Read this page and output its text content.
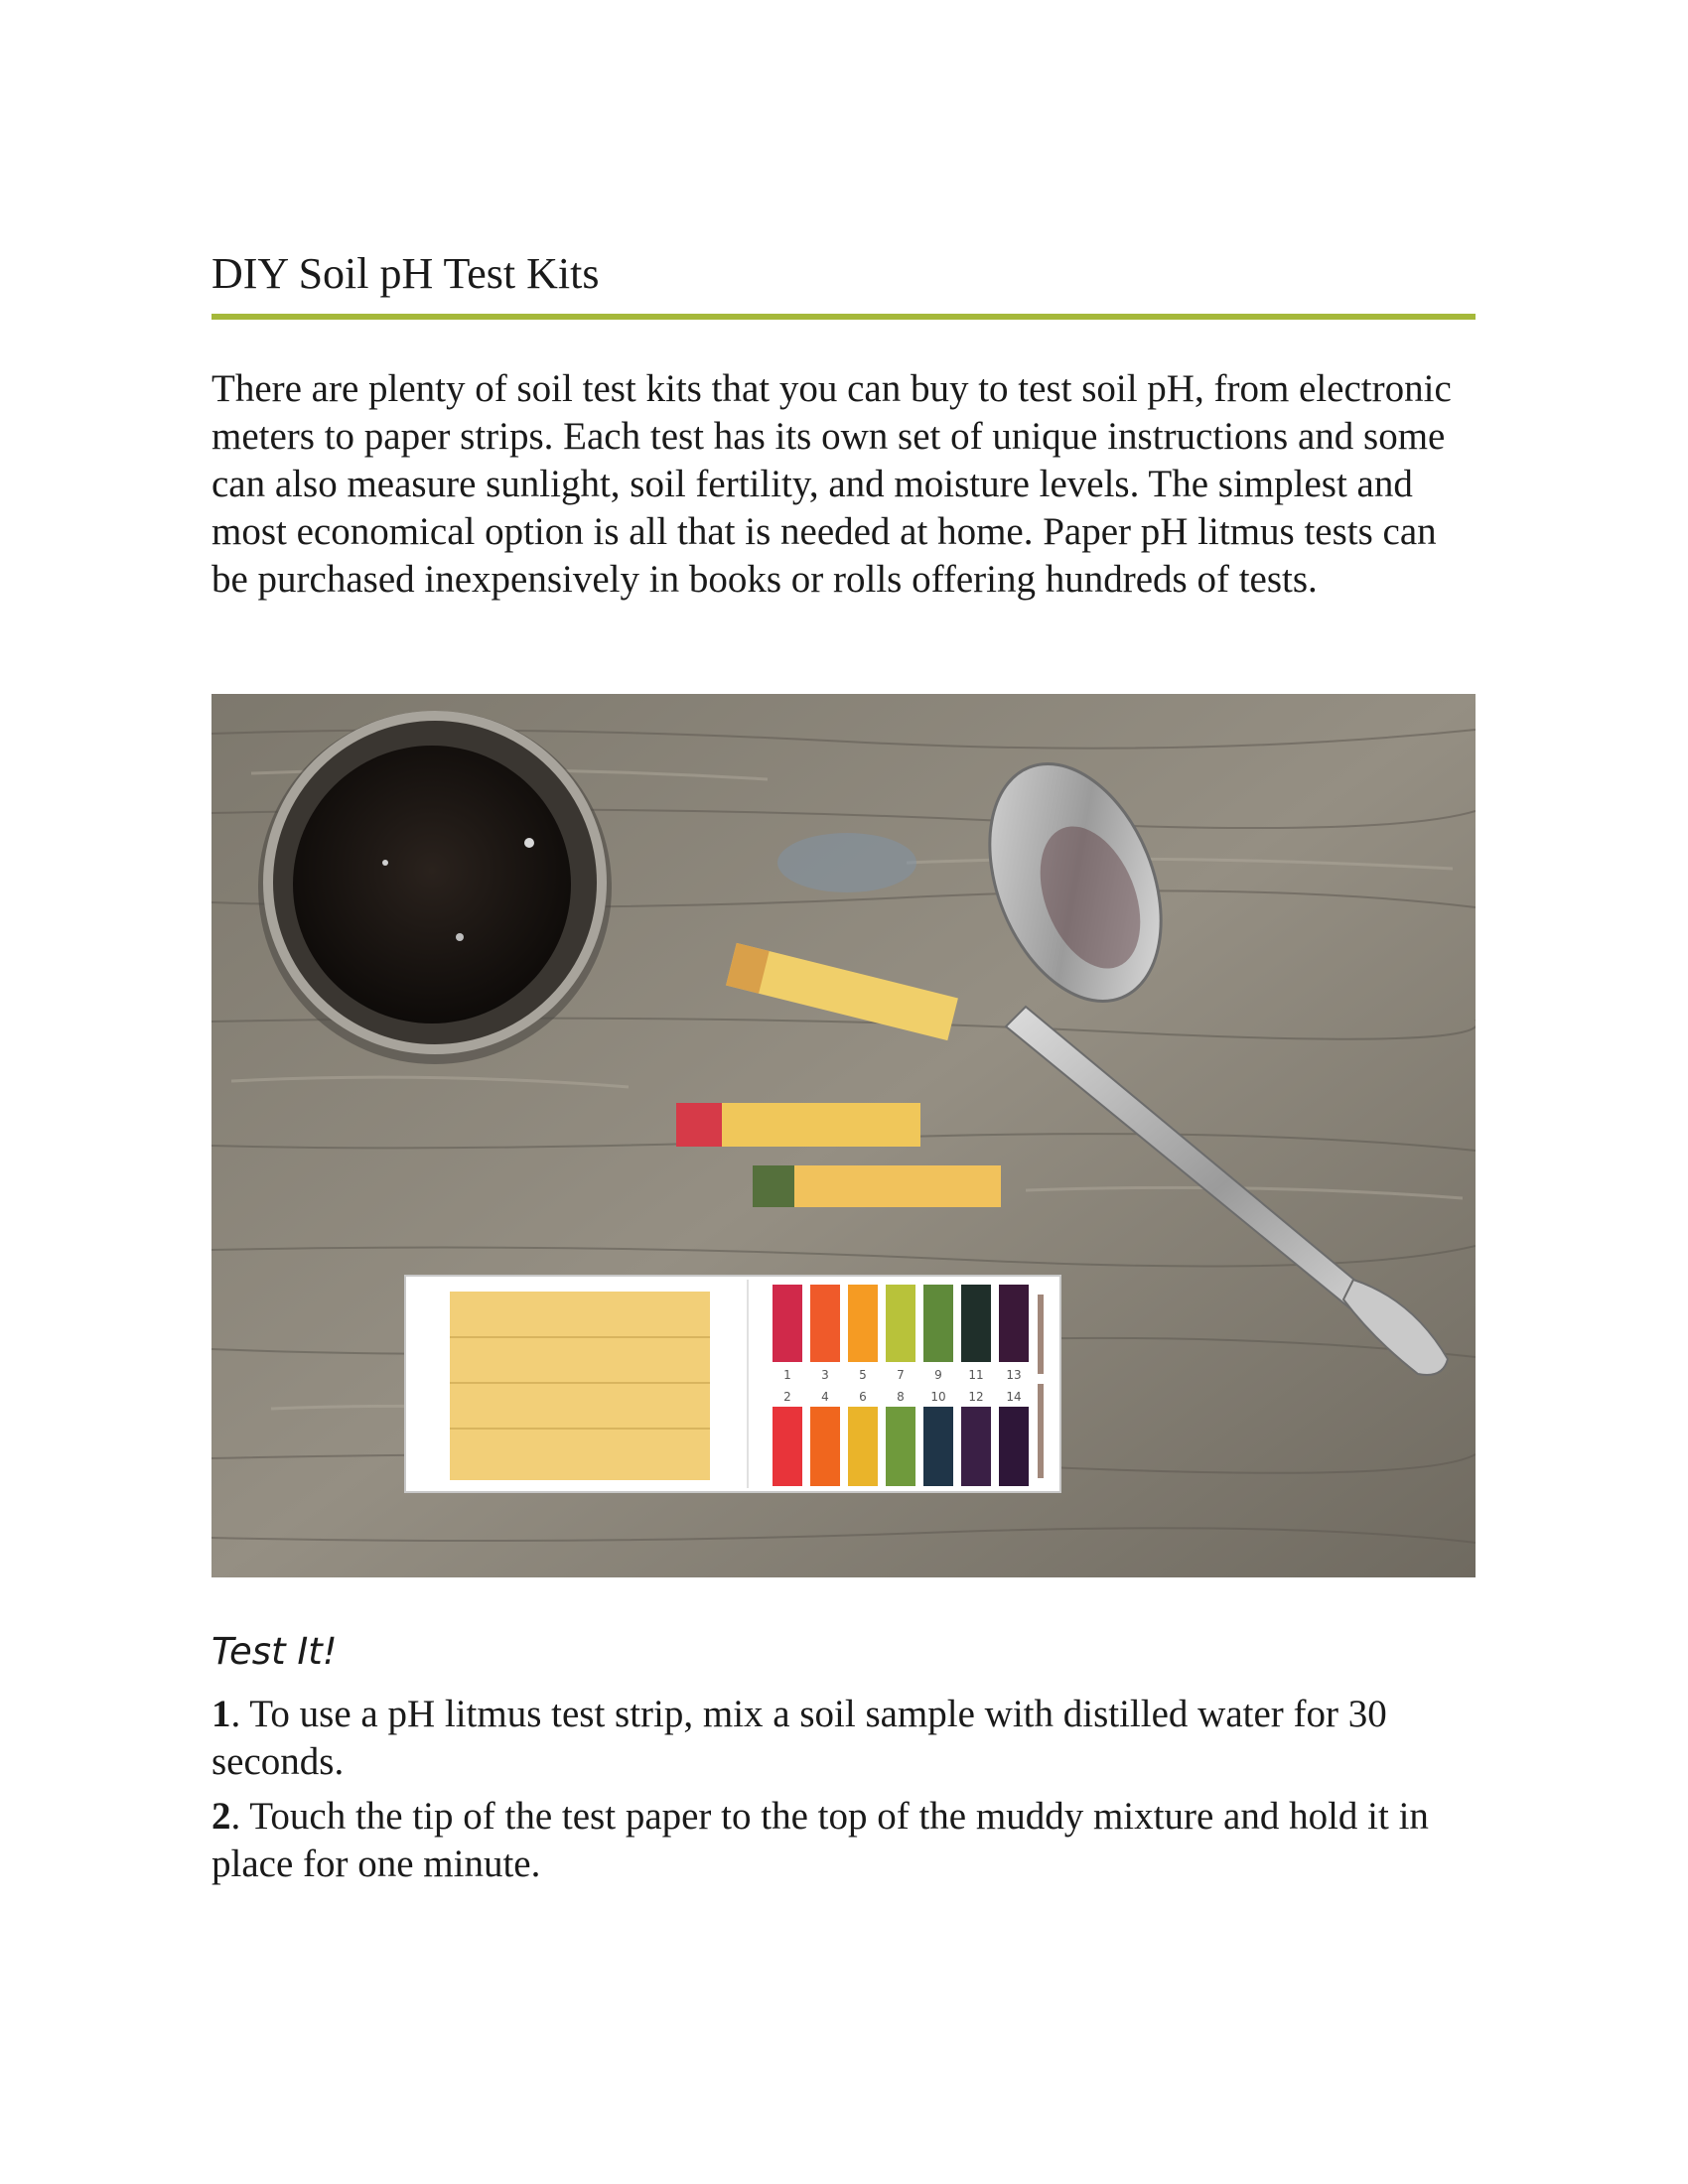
DIY Soil pH Test Kits

There are plenty of soil test kits that you can buy to test soil pH, from electronic meters to paper strips. Each test has its own set of unique instructions and some can also measure sunlight, soil fertility, and moisture levels. The simplest and most economical option is all that is needed at home. Paper pH litmus tests can be purchased inexpensively in books or rolls offering hundreds of tests.

1	3	5	7	9 11 13
2	4	6	8 10 12 14
Test It!

1. To use a pH litmus test strip, mix a soil sample with distilled water for 30 seconds.

2. Touch the tip of the test paper to the top of the muddy mixture and hold it in place for one minute.
